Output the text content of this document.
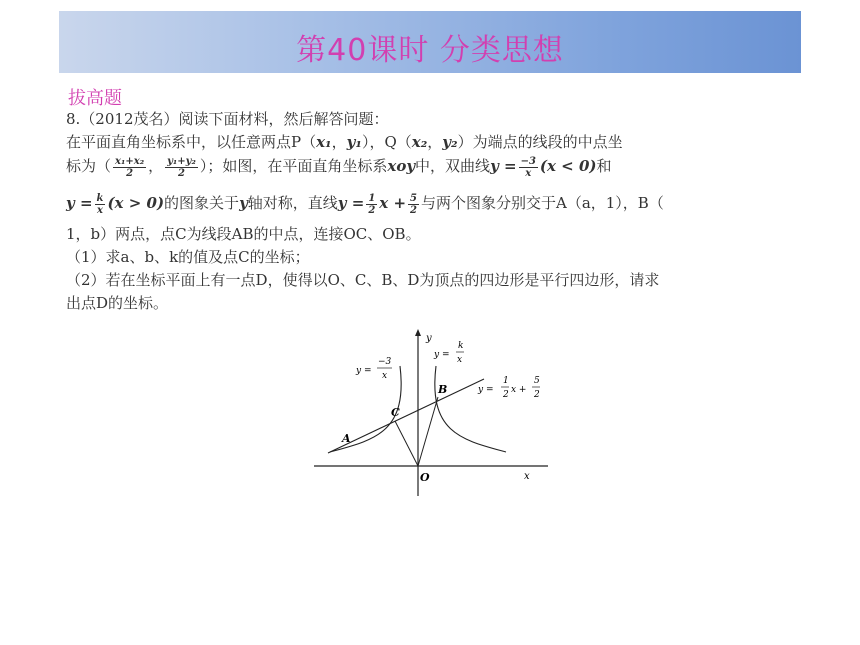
第40课时 分类思想
拔高题
8.（2012茂名）阅读下面材料，然后解答问题：
在平面直角坐标系中，以任意两点P（x₁，y₁），Q（x₂，y₂）为端点的线段的中点坐
标为（ $\frac{\text{x₁+x₂}}{2}$ ， $\frac{\text{y₁+y₂}}{2}$ ）；如图，在平面直角坐标系xoy中，双曲线$y = \frac{-3}{x} (x < 0)$和
$y = \frac{k}{x} (x > 0)$的图象关于y轴对称，直线$y = \frac{1}{2}$ $x + \frac{5}{2}$ 与两个图象分别交于A（a，1），B（
1，b）两点，点C为线段AB的中点，连接OC、OB。
（1）求a、b、k的值及点C的坐标；
（2）若在坐标平面上有一点D，使得以O、C、B、D为顶点的四边形是平行四边形，请求
出点D的坐标。
y
x
O
A
B
C
y =
−3
x
y =
k
x
y =
1
2 x +
5
2
